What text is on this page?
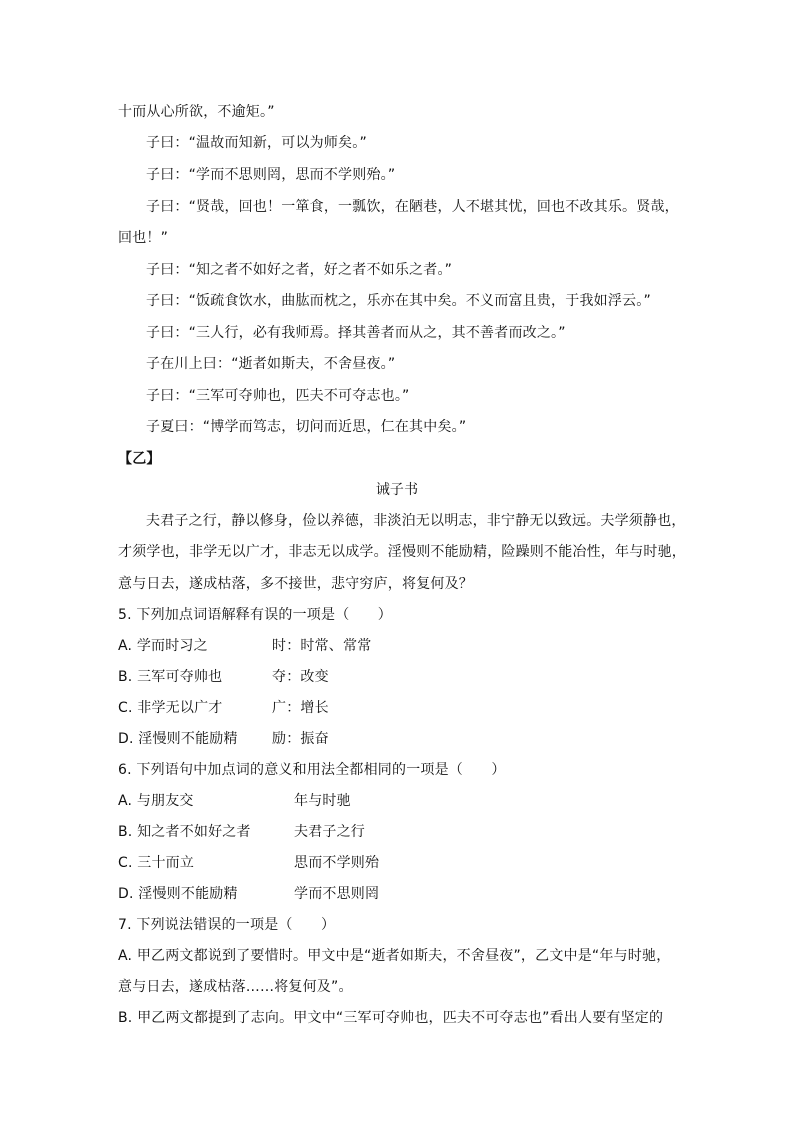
十而从心所欲，不逾矩。”
子曰：“温故而知新，可以为师矣。”
子曰：“学而不思则罔，思而不学则殆。”
子曰：“贤哉，回也！一箪食，一瓢饮，在陋巷，人不堪其忧，回也不改其乐。贤哉，
回也！”
子曰：“知之者不如好之者，好之者不如乐之者。”
子曰：“饭疏食饮水，曲肱而枕之，乐亦在其中矣。不义而富且贵，于我如浮云。”
子曰：“三人行，必有我师焉。择其善者而从之，其不善者而改之。”
子在川上曰：“逝者如斯夫，不舍昼夜。”
子曰：“三军可夺帅也，匹夫不可夺志也。”
子夏曰：“博学而笃志，切问而近思，仁在其中矣。”
【乙】
诫子书
夫君子之行，静以修身，俭以养德，非淡泊无以明志，非宁静无以致远。夫学须静也，
才须学也，非学无以广才，非志无以成学。淫慢则不能励精，险躁则不能冶性，年与时驰，
意与日去，遂成枯落，多不接世，悲守穷庐，将复何及？
5. 下列加点词语解释有误的一项是（　　）
A. 学而时习之	时：时常、常常
B. 三军可夺帅也	夺：改变
C. 非学无以广才	广：增长
D. 淫慢则不能励精 励：振奋
6. 下列语句中加点词的意义和用法全都相同的一项是（　　）
A. 与朋友交	年与时驰
B. 知之者不如好之者	夫君子之行
C. 三十而立	思而不学则殆
D. 淫慢则不能励精	学而不思则罔
7. 下列说法错误的一项是（　　）
A. 甲乙两文都说到了要惜时。甲文中是“逝者如斯夫，不舍昼夜”，乙文中是“年与时驰，
意与日去，遂成枯落……将复何及”。
B. 甲乙两文都提到了志向。甲文中“三军可夺帅也，匹夫不可夺志也”看出人要有坚定的
